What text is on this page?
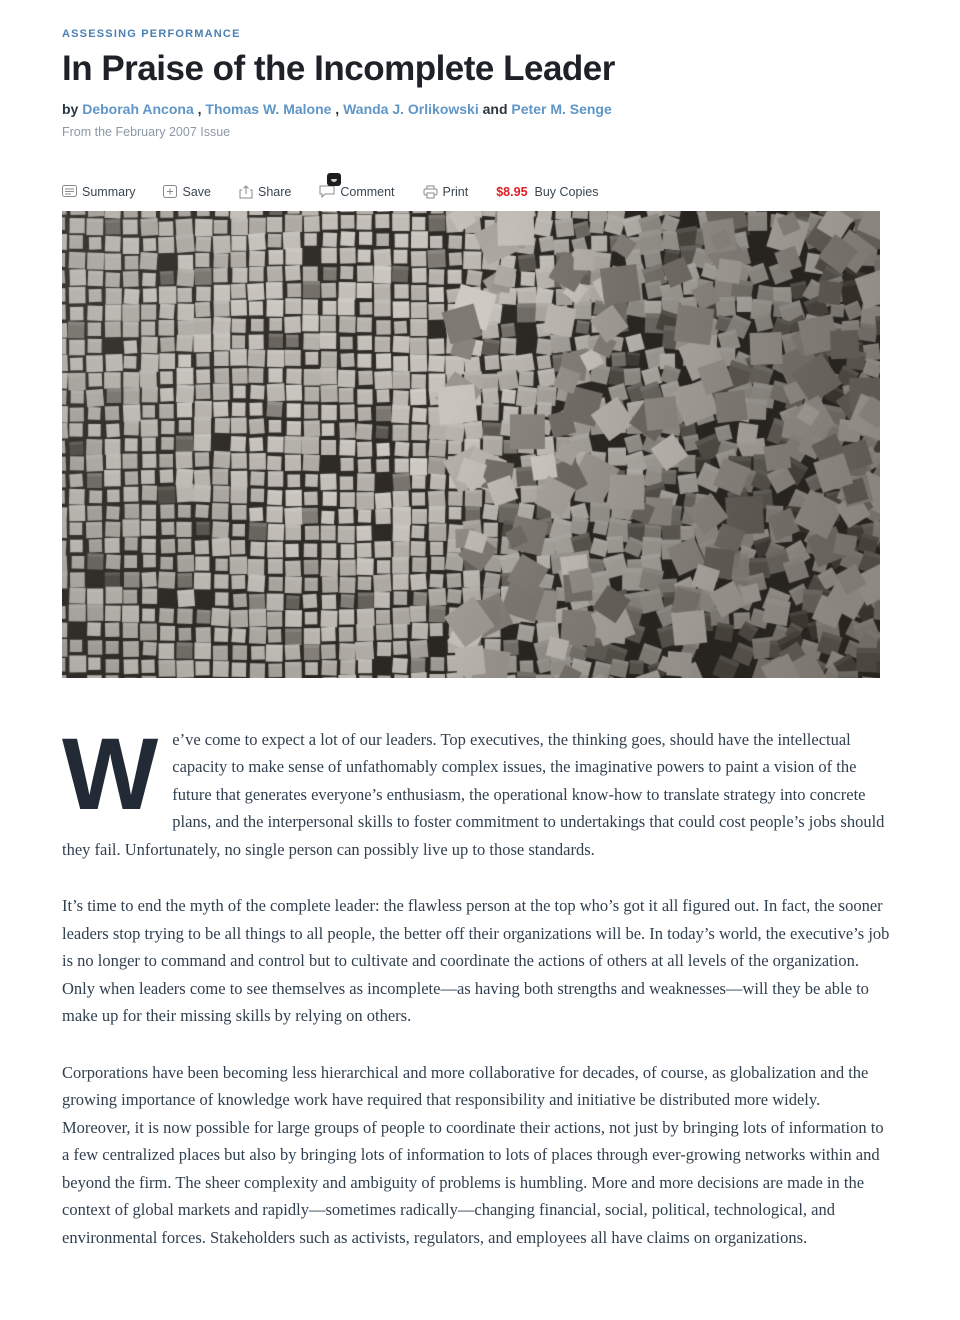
ASSESSING PERFORMANCE
In Praise of the Incomplete Leader
by Deborah Ancona , Thomas W. Malone , Wanda J. Orlikowski and Peter M. Senge
From the February 2007 Issue
Summary	Save	Share	Comment	Print $8.95 Buy Copies

We’ve come to expect a lot of our leaders. Top executives, the thinking goes, should have the intellectual capacity to make sense of unfathomably complex issues, the imaginative powers to paint a vision of the future that generates everyone’s enthusiasm, the operational know-how to translate strategy into concrete plans, and the interpersonal skills to foster commitment to undertakings that could cost people’s jobs should they fail. Unfortunately, no single person can possibly live up to those standards.

It’s time to end the myth of the complete leader: the flawless person at the top who’s got it all figured out. In fact, the sooner leaders stop trying to be all things to all people, the better off their organizations will be. In today’s world, the executive’s job is no longer to command and control but to cultivate and coordinate the actions of others at all levels of the organization. Only when leaders come to see themselves as incomplete—as having both strengths and weaknesses—will they be able to make up for their missing skills by relying on others.

Corporations have been becoming less hierarchical and more collaborative for decades, of course, as globalization and the growing importance of knowledge work have required that responsibility and initiative be distributed more widely. Moreover, it is now possible for large groups of people to coordinate their actions, not just by bringing lots of information to a few centralized places but also by bringing lots of information to lots of places through ever-growing networks within and beyond the firm. The sheer complexity and ambiguity of problems is humbling. More and more decisions are made in the context of global markets and rapidly—sometimes radically—changing financial, social, political, technological, and environmental forces. Stakeholders such as activists, regulators, and employees all have claims on organizations.
